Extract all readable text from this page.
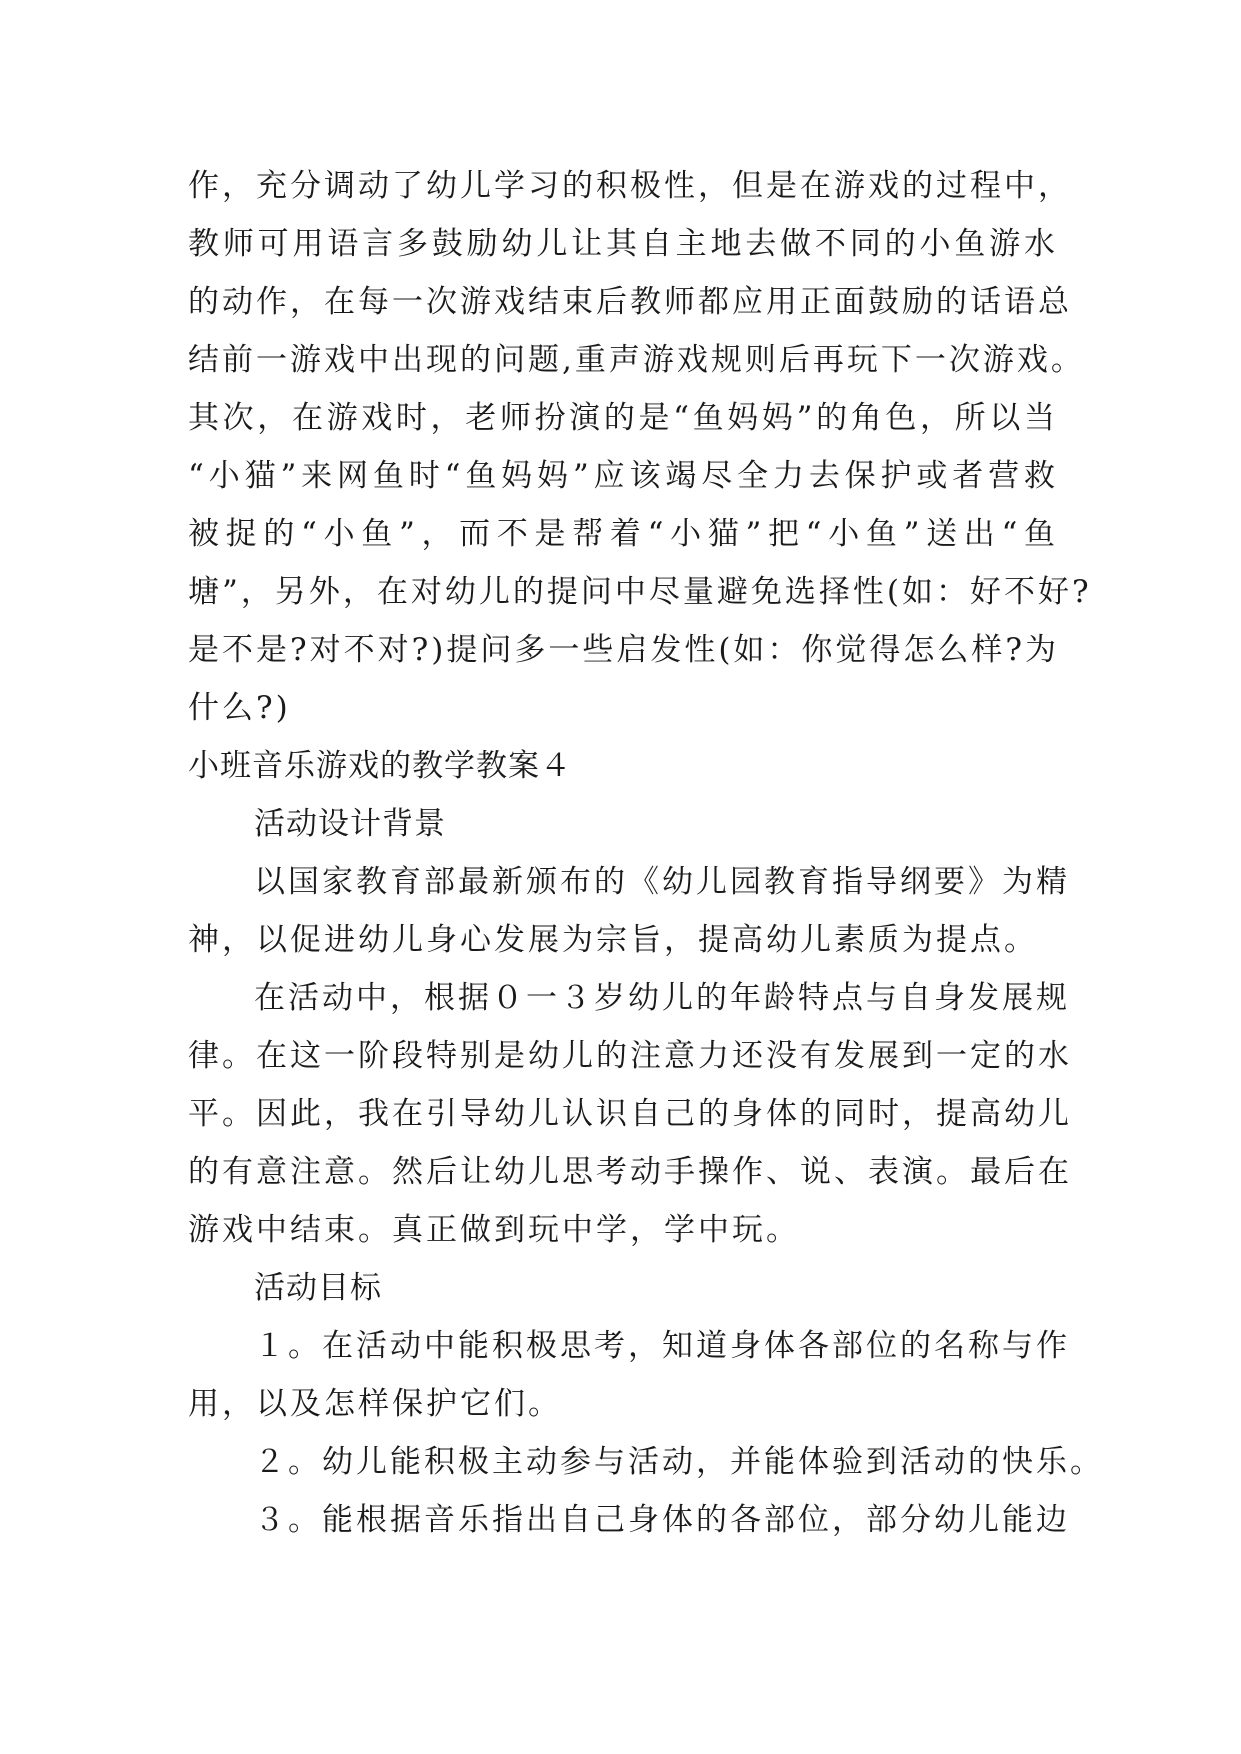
作，充分调动了幼儿学习的积极性，但是在游戏的过程中，
教师可用语言多鼓励幼儿让其自主地去做不同的小鱼游水
的动作，在每一次游戏结束后教师都应用正面鼓励的话语总
结前一游戏中出现的问题,重声游戏规则后再玩下一次游戏。
其次，在游戏时，老师扮演的是“鱼妈妈”的角色，所以当
“小猫”来网鱼时“鱼妈妈”应该竭尽全力去保护或者营救
被捉的“小鱼”，而不是帮着“小猫”把“小鱼”送出“鱼
塘”，另外，在对幼儿的提问中尽量避免选择性(如：好不好?
是不是?对不对?)提问多一些启发性(如：你觉得怎么样?为
什么?)
小班音乐游戏的教学教案４
活动设计背景
以国家教育部最新颁布的《幼儿园教育指导纲要》为精
神，以促进幼儿身心发展为宗旨，提高幼儿素质为提点。
在活动中，根据０一３岁幼儿的年龄特点与自身发展规
律。在这一阶段特别是幼儿的注意力还没有发展到一定的水
平。因此，我在引导幼儿认识自己的身体的同时，提高幼儿
的有意注意。然后让幼儿思考动手操作、说、表演。最后在
游戏中结束。真正做到玩中学，学中玩。
活动目标
１。在活动中能积极思考，知道身体各部位的名称与作
用，以及怎样保护它们。
２。幼儿能积极主动参与活动，并能体验到活动的快乐。
３。能根据音乐指出自己身体的各部位，部分幼儿能边
